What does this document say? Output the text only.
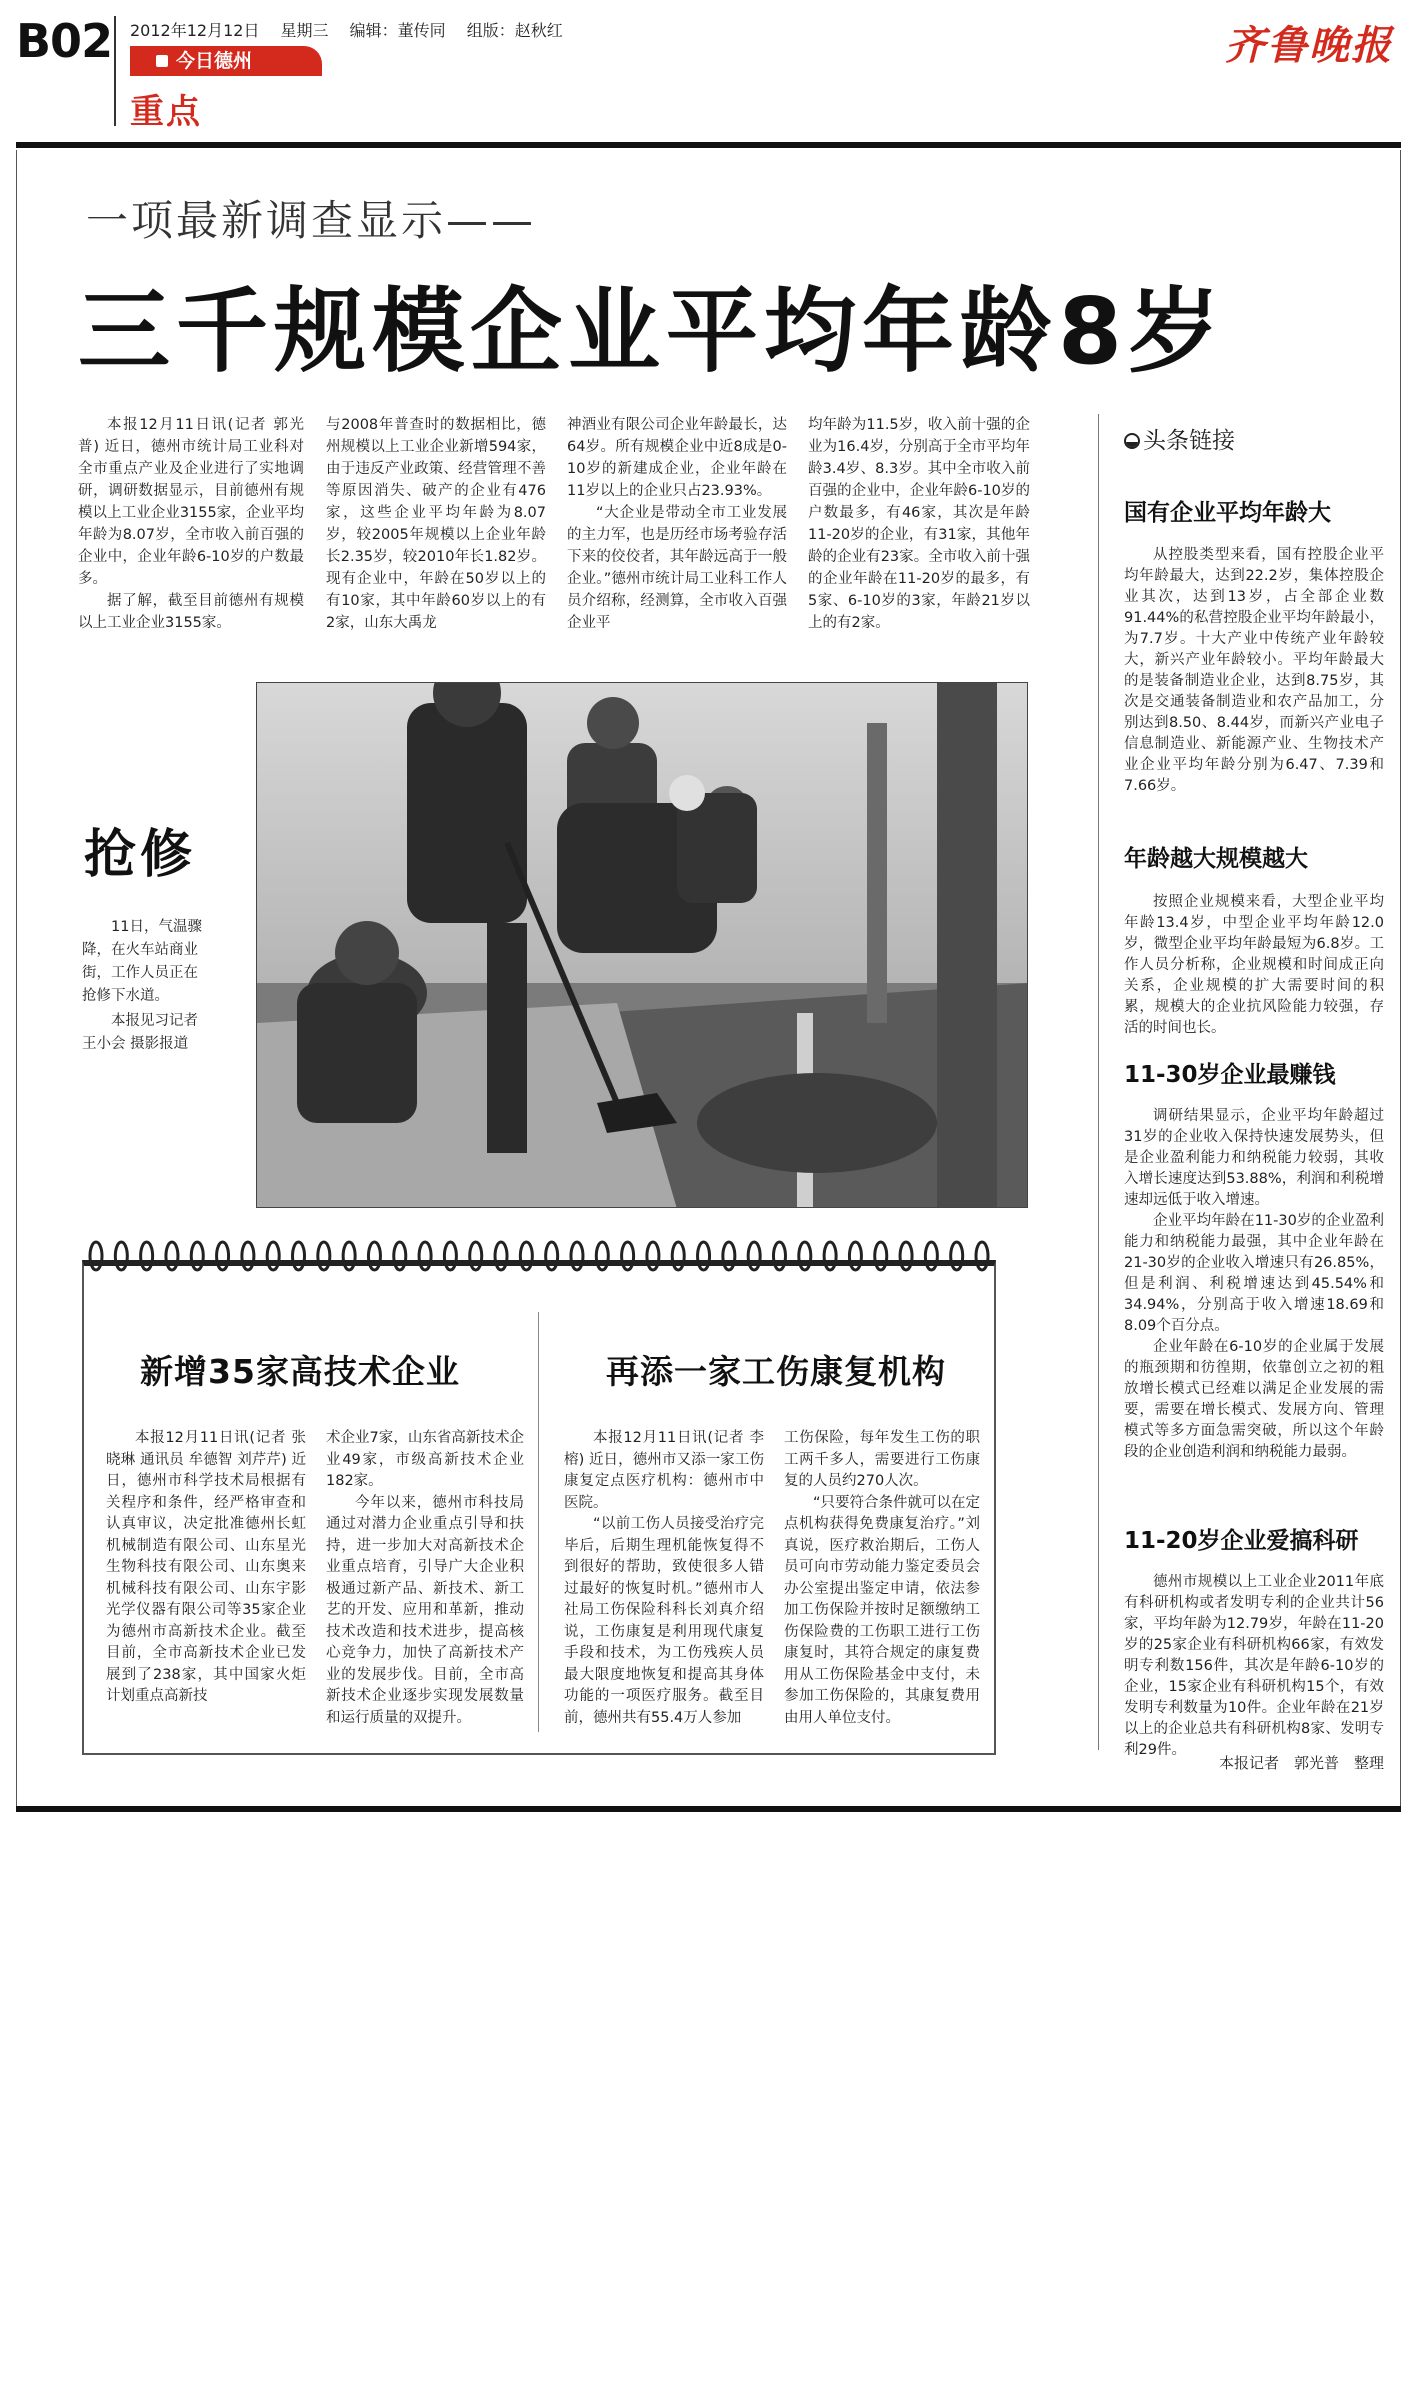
B02 2012年12月12日 星期三 编辑：董传同 组版：赵秋红
今日德州
重点
齐鲁晚报
一项最新调查显示——
三千规模企业平均年龄8岁

本报12月11日讯(记者 郭光普) 近日，德州市统计局工业科对全市重点产业及企业进行了实地调研，调研数据显示，目前德州有规模以上工业企业3155家，企业平均年龄为8.07岁，全市收入前百强的企业中，企业年龄6-10岁的户数最多。

据了解，截至目前德州有规模以上工业企业3155家。

与2008年普查时的数据相比，德州规模以上工业企业新增594家，由于违反产业政策、经营管理不善等原因消失、破产的企业有476家，这些企业平均年龄为8.07岁，较2005年规模以上企业年龄长2.35岁，较2010年长1.82岁。现有企业中，年龄在50岁以上的有10家，其中年龄60岁以上的有2家，山东大禹龙

神酒业有限公司企业年龄最长，达64岁。所有规模企业中近8成是0-10岁的新建成企业，企业年龄在11岁以上的企业只占23.93%。

“大企业是带动全市工业发展的主力军，也是历经市场考验存活下来的佼佼者，其年龄远高于一般企业。”德州市统计局工业科工作人员介绍称，经测算，全市收入百强企业平

均年龄为11.5岁，收入前十强的企业为16.4岁，分别高于全市平均年龄3.4岁、8.3岁。其中全市收入前百强的企业中，企业年龄6-10岁的户数最多，有46家，其次是年龄11-20岁的企业，有31家，其他年龄的企业有23家。全市收入前十强的企业年龄在11-20岁的最多，有5家、6-10岁的3家，年龄21岁以上的有2家。

抢修

11日，气温骤降，在火车站商业街，工作人员正在抢修下水道。

本报见习记者 王小会 摄影报道

头条链接
国有企业平均年龄大

从控股类型来看，国有控股企业平均年龄最大，达到22.2岁，集体控股企业其次，达到13岁，占全部企业数91.44%的私营控股企业平均年龄最小，为7.7岁。十大产业中传统产业年龄较大，新兴产业年龄较小。平均年龄最大的是装备制造业企业，达到8.75岁，其次是交通装备制造业和农产品加工，分别达到8.50、8.44岁，而新兴产业电子信息制造业、新能源产业、生物技术产业企业平均年龄分别为6.47、7.39和7.66岁。

年龄越大规模越大

按照企业规模来看，大型企业平均年龄13.4岁，中型企业平均年龄12.0岁，微型企业平均年龄最短为6.8岁。工作人员分析称，企业规模和时间成正向关系，企业规模的扩大需要时间的积累，规模大的企业抗风险能力较强，存活的时间也长。

11-30岁企业最赚钱

调研结果显示，企业平均年龄超过31岁的企业收入保持快速发展势头，但是企业盈利能力和纳税能力较弱，其收入增长速度达到53.88%，利润和利税增速却远低于收入增速。

企业平均年龄在11-30岁的企业盈利能力和纳税能力最强，其中企业年龄在21-30岁的企业收入增速只有26.85%，但是利润、利税增速达到45.54%和34.94%，分别高于收入增速18.69和8.09个百分点。

企业年龄在6-10岁的企业属于发展的瓶颈期和彷徨期，依靠创立之初的粗放增长模式已经难以满足企业发展的需要，需要在增长模式、发展方向、管理模式等多方面急需突破，所以这个年龄段的企业创造利润和纳税能力最弱。

11-20岁企业爱搞科研

德州市规模以上工业企业2011年底有科研机构或者发明专利的企业共计56家，平均年龄为12.79岁，年龄在11-20岁的25家企业有科研机构66家，有效发明专利数156件，其次是年龄6-10岁的企业，15家企业有科研机构15个，有效发明专利数量为10件。企业年龄在21岁以上的企业总共有科研机构8家、发明专利29件。

本报记者　郭光普　整理
新增35家高技术企业	再添一家工伤康复机构

本报12月11日讯(记者 张晓琳 通讯员 牟德智 刘芹芹) 近日，德州市科学技术局根据有关程序和条件，经严格审查和认真审议，决定批准德州长虹机械制造有限公司、山东星光生物科技有限公司、山东奥来机械科技有限公司、山东宇影光学仪器有限公司等35家企业为德州市高新技术企业。截至目前，全市高新技术企业已发展到了238家，其中国家火炬计划重点高新技

术企业7家，山东省高新技术企业49家，市级高新技术企业182家。

今年以来，德州市科技局通过对潜力企业重点引导和扶持，进一步加大对高新技术企业重点培育，引导广大企业积极通过新产品、新技术、新工艺的开发、应用和革新，推动技术改造和技术进步，提高核心竞争力，加快了高新技术产业的发展步伐。目前，全市高新技术企业逐步实现发展数量和运行质量的双提升。

本报12月11日讯(记者 李榕) 近日，德州市又添一家工伤康复定点医疗机构：德州市中医院。

“以前工伤人员接受治疗完毕后，后期生理机能恢复得不到很好的帮助，致使很多人错过最好的恢复时机。”德州市人社局工伤保险科科长刘真介绍说，工伤康复是利用现代康复手段和技术，为工伤残疾人员最大限度地恢复和提高其身体功能的一项医疗服务。截至目前，德州共有55.4万人参加

工伤保险，每年发生工伤的职工两千多人，需要进行工伤康复的人员约270人次。

“只要符合条件就可以在定点机构获得免费康复治疗。”刘真说，医疗救治期后，工伤人员可向市劳动能力鉴定委员会办公室提出鉴定申请，依法参加工伤保险并按时足额缴纳工伤保险费的工伤职工进行工伤康复时，其符合规定的康复费用从工伤保险基金中支付，未参加工伤保险的，其康复费用由用人单位支付。
